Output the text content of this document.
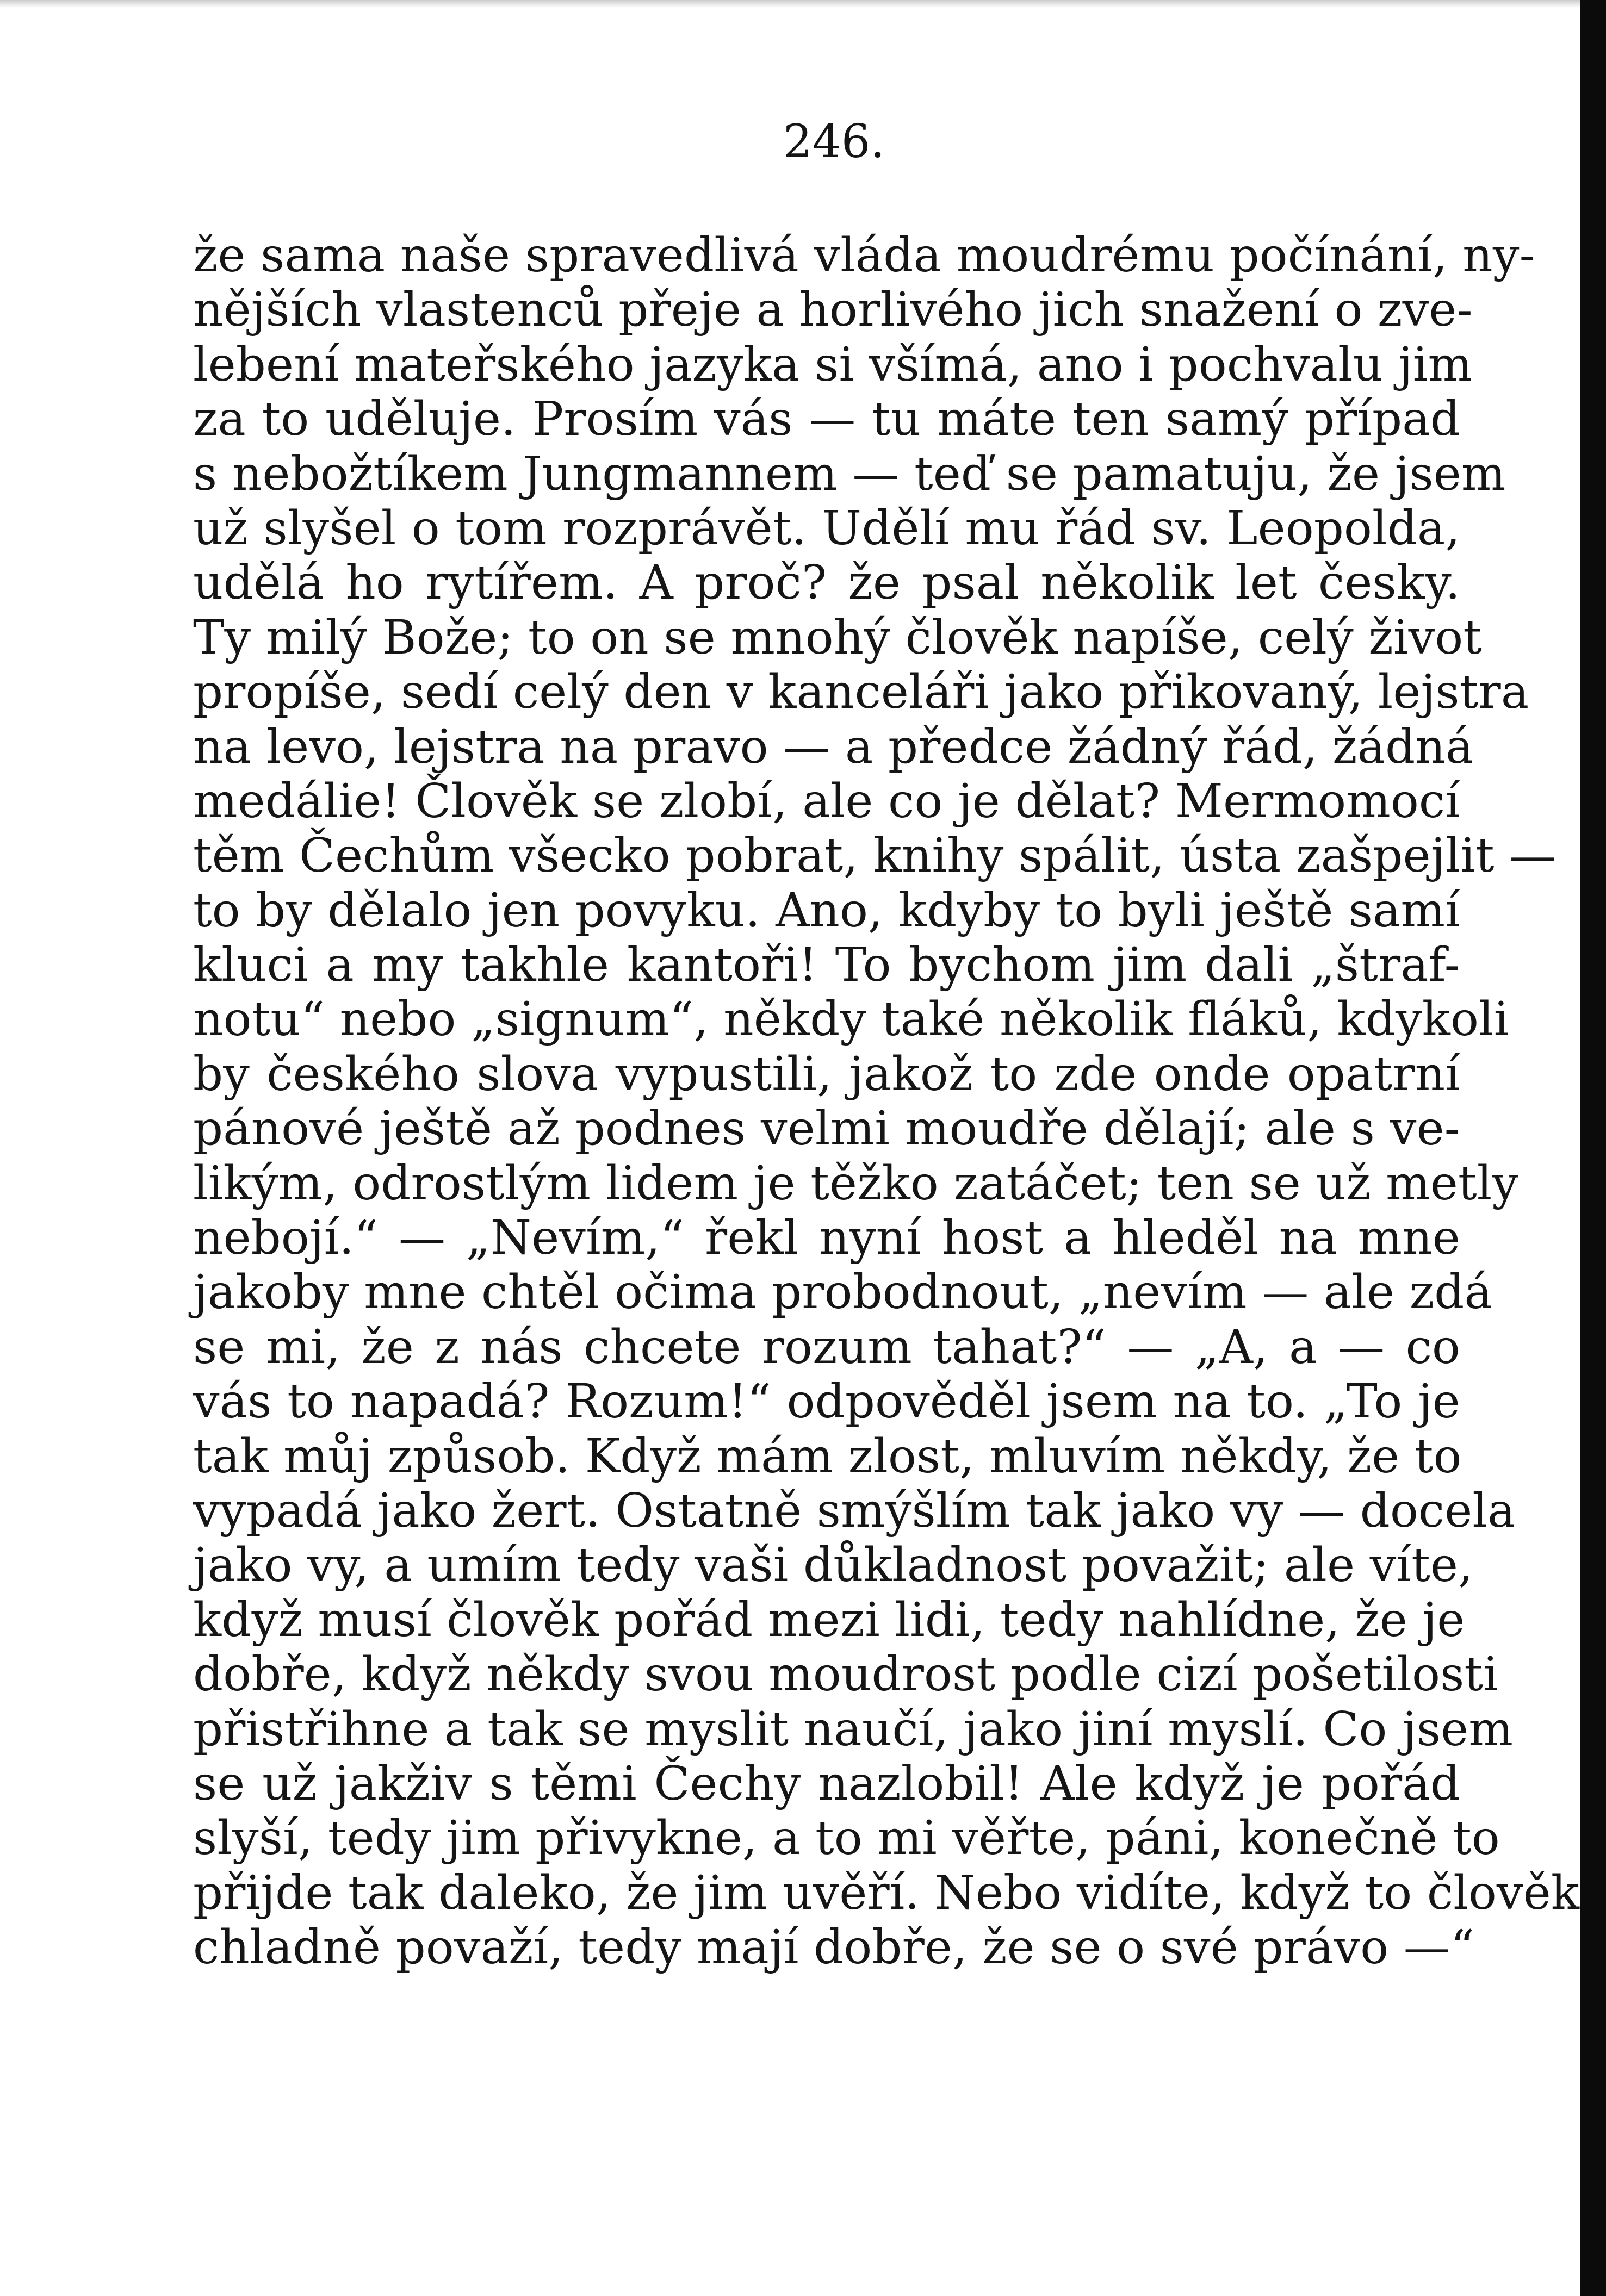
246.
že sama naše spravedlivá vláda moudrému počínání, ny-
nějších vlastenců přeje a horlivého jich snažení o zve-
lebení mateřského jazyka si všímá, ano i pochvalu jim
za to uděluje. Prosím vás — tu máte ten samý případ
s nebožtíkem Jungmannem — teď se pamatuju, že jsem
už slyšel o tom rozprávět. Udělí mu řád sv. Leopolda,
udělá ho rytířem. A proč? že psal několik let česky.
Ty milý Bože; to on se mnohý člověk napíše, celý život
propíše, sedí celý den v kanceláři jako přikovaný, lejstra
na levo, lejstra na pravo — a předce žádný řád, žádná
medálie! Člověk se zlobí, ale co je dělat? Mermomocí
těm Čechům všecko pobrat, knihy spálit, ústa zašpejlit —
to by dělalo jen povyku. Ano, kdyby to byli ještě samí
kluci a my takhle kantoři! To bychom jim dali „štraf-
notu“ nebo „signum“, někdy také několik fláků, kdykoli
by českého slova vypustili, jakož to zde onde opatrní
pánové ještě až podnes velmi moudře dělají; ale s ve-
likým, odrostlým lidem je těžko zatáčet; ten se už metly
nebojí.“ — „Nevím,“ řekl nyní host a hleděl na mne
jakoby mne chtěl očima probodnout, „nevím — ale zdá
se mi, že z nás chcete rozum tahat?“ — „A, a — co
vás to napadá? Rozum!“ odpověděl jsem na to. „To je
tak můj způsob. Když mám zlost, mluvím někdy, že to
vypadá jako žert. Ostatně smýšlím tak jako vy — docela
jako vy, a umím tedy vaši důkladnost považit; ale víte,
když musí člověk pořád mezi lidi, tedy nahlídne, že je
dobře, když někdy svou moudrost podle cizí pošetilosti
přistřihne a tak se myslit naučí, jako jiní myslí. Co jsem
se už jakživ s těmi Čechy nazlobil! Ale když je pořád
slyší, tedy jim přivykne, a to mi věřte, páni, konečně to
přijde tak daleko, že jim uvěří. Nebo vidíte, když to člověk
chladně považí, tedy mají dobře, že se o své právo —“
